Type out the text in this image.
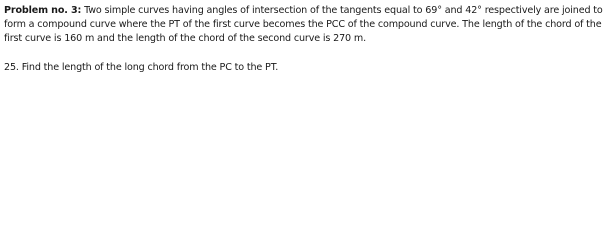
Problem no. 3: Two simple curves having angles of intersection of the tangents equal to 69° and 42° respectively are joined to form a compound curve where the PT of the first curve becomes the PCC of the compound curve. The length of the chord of the first curve is 160 m and the length of the chord of the second curve is 270 m.
25. Find the length of the long chord from the PC to the PT.
